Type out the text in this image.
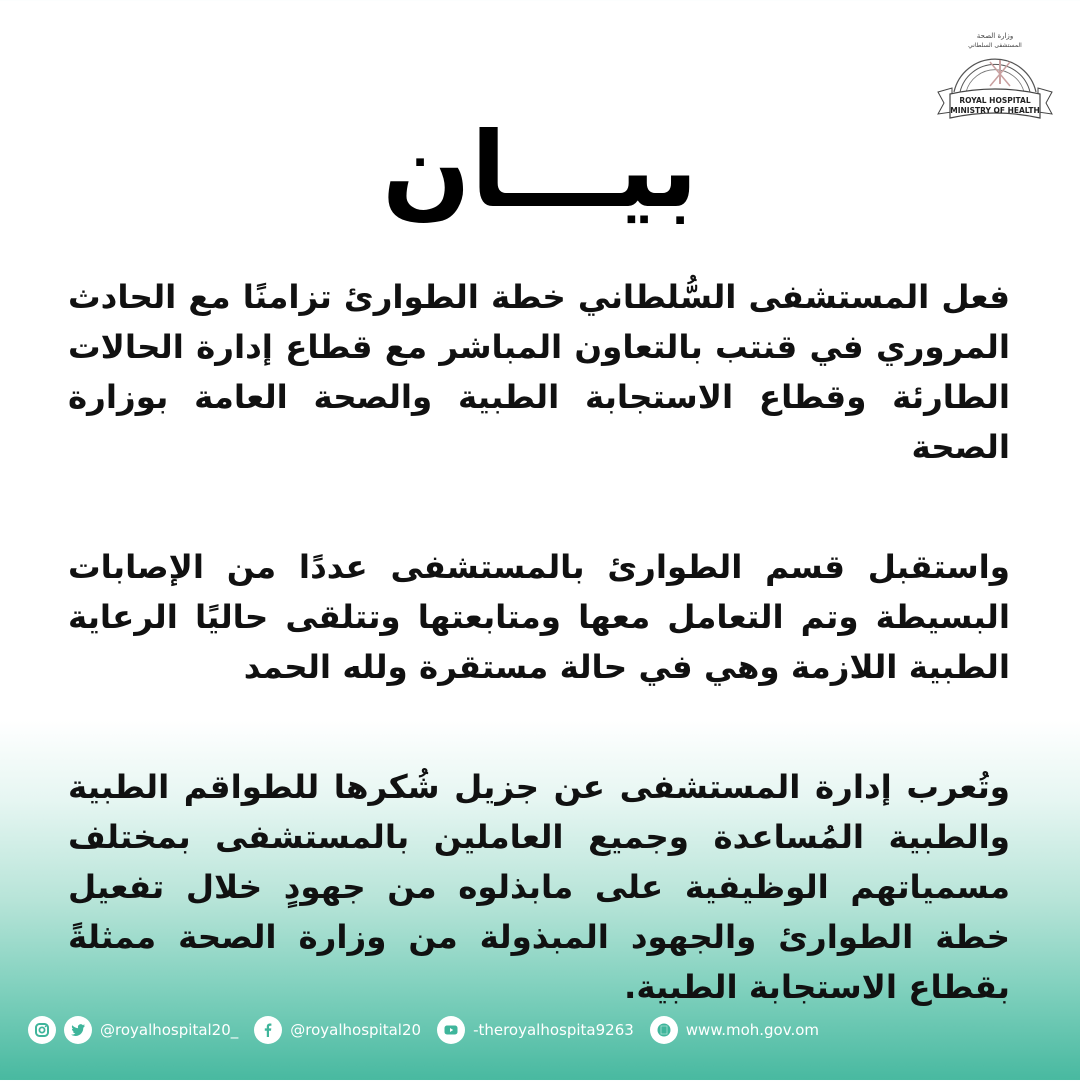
وزارة الصحة
المستشفى السلطاني
ROYAL HOSPITAL
MINISTRY OF HEALTH
بيـــان

فعل المستشفى السُّلطاني خطة الطوارئ تزامنًا مع الحادث المروري في قنتب بالتعاون المباشر مع قطاع إدارة الحالات الطارئة وقطاع الاستجابة الطبية والصحة العامة بوزارة الصحة

واستقبل قسم الطوارئ بالمستشفى عددًا من الإصابات البسيطة وتم التعامل معها ومتابعتها وتتلقى حاليًا الرعاية الطبية اللازمة وهي في حالة مستقرة ولله الحمد

وتُعرب إدارة المستشفى عن جزيل شُكرها للطواقم الطبية والطبية المُساعدة وجميع العاملين بالمستشفى بمختلف مسمياتهم الوظيفية على مابذلوه من جهودٍ خلال تفعيل خطة الطوارئ والجهود المبذولة من وزارة الصحة ممثلةً بقطاع الاستجابة الطبية.

@royalhospital20_	@royalhospital20	-theroyalhospita9263	www.moh.gov.om
